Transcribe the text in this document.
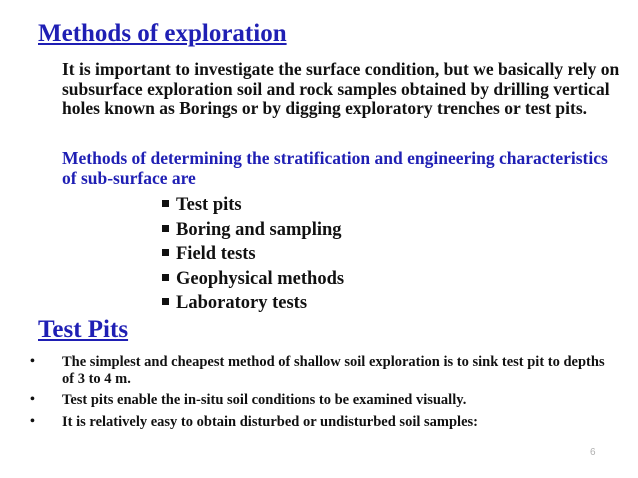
Methods of exploration

It is important to investigate the surface condition, but we basically rely on subsurface exploration soil and rock samples obtained by drilling vertical holes known as Borings or by digging exploratory trenches or test pits.

Methods of determining the stratification and engineering characteristics of sub-surface are

Test pits
Boring and sampling
Field tests
Geophysical methods
Laboratory tests
Test Pits
• The simplest and cheapest method of shallow soil exploration is to sink test pit to depths of 3 to 4 m.
• Test pits enable the in-situ soil conditions to be examined visually.
• It is relatively easy to obtain disturbed or undisturbed soil samples:
6
